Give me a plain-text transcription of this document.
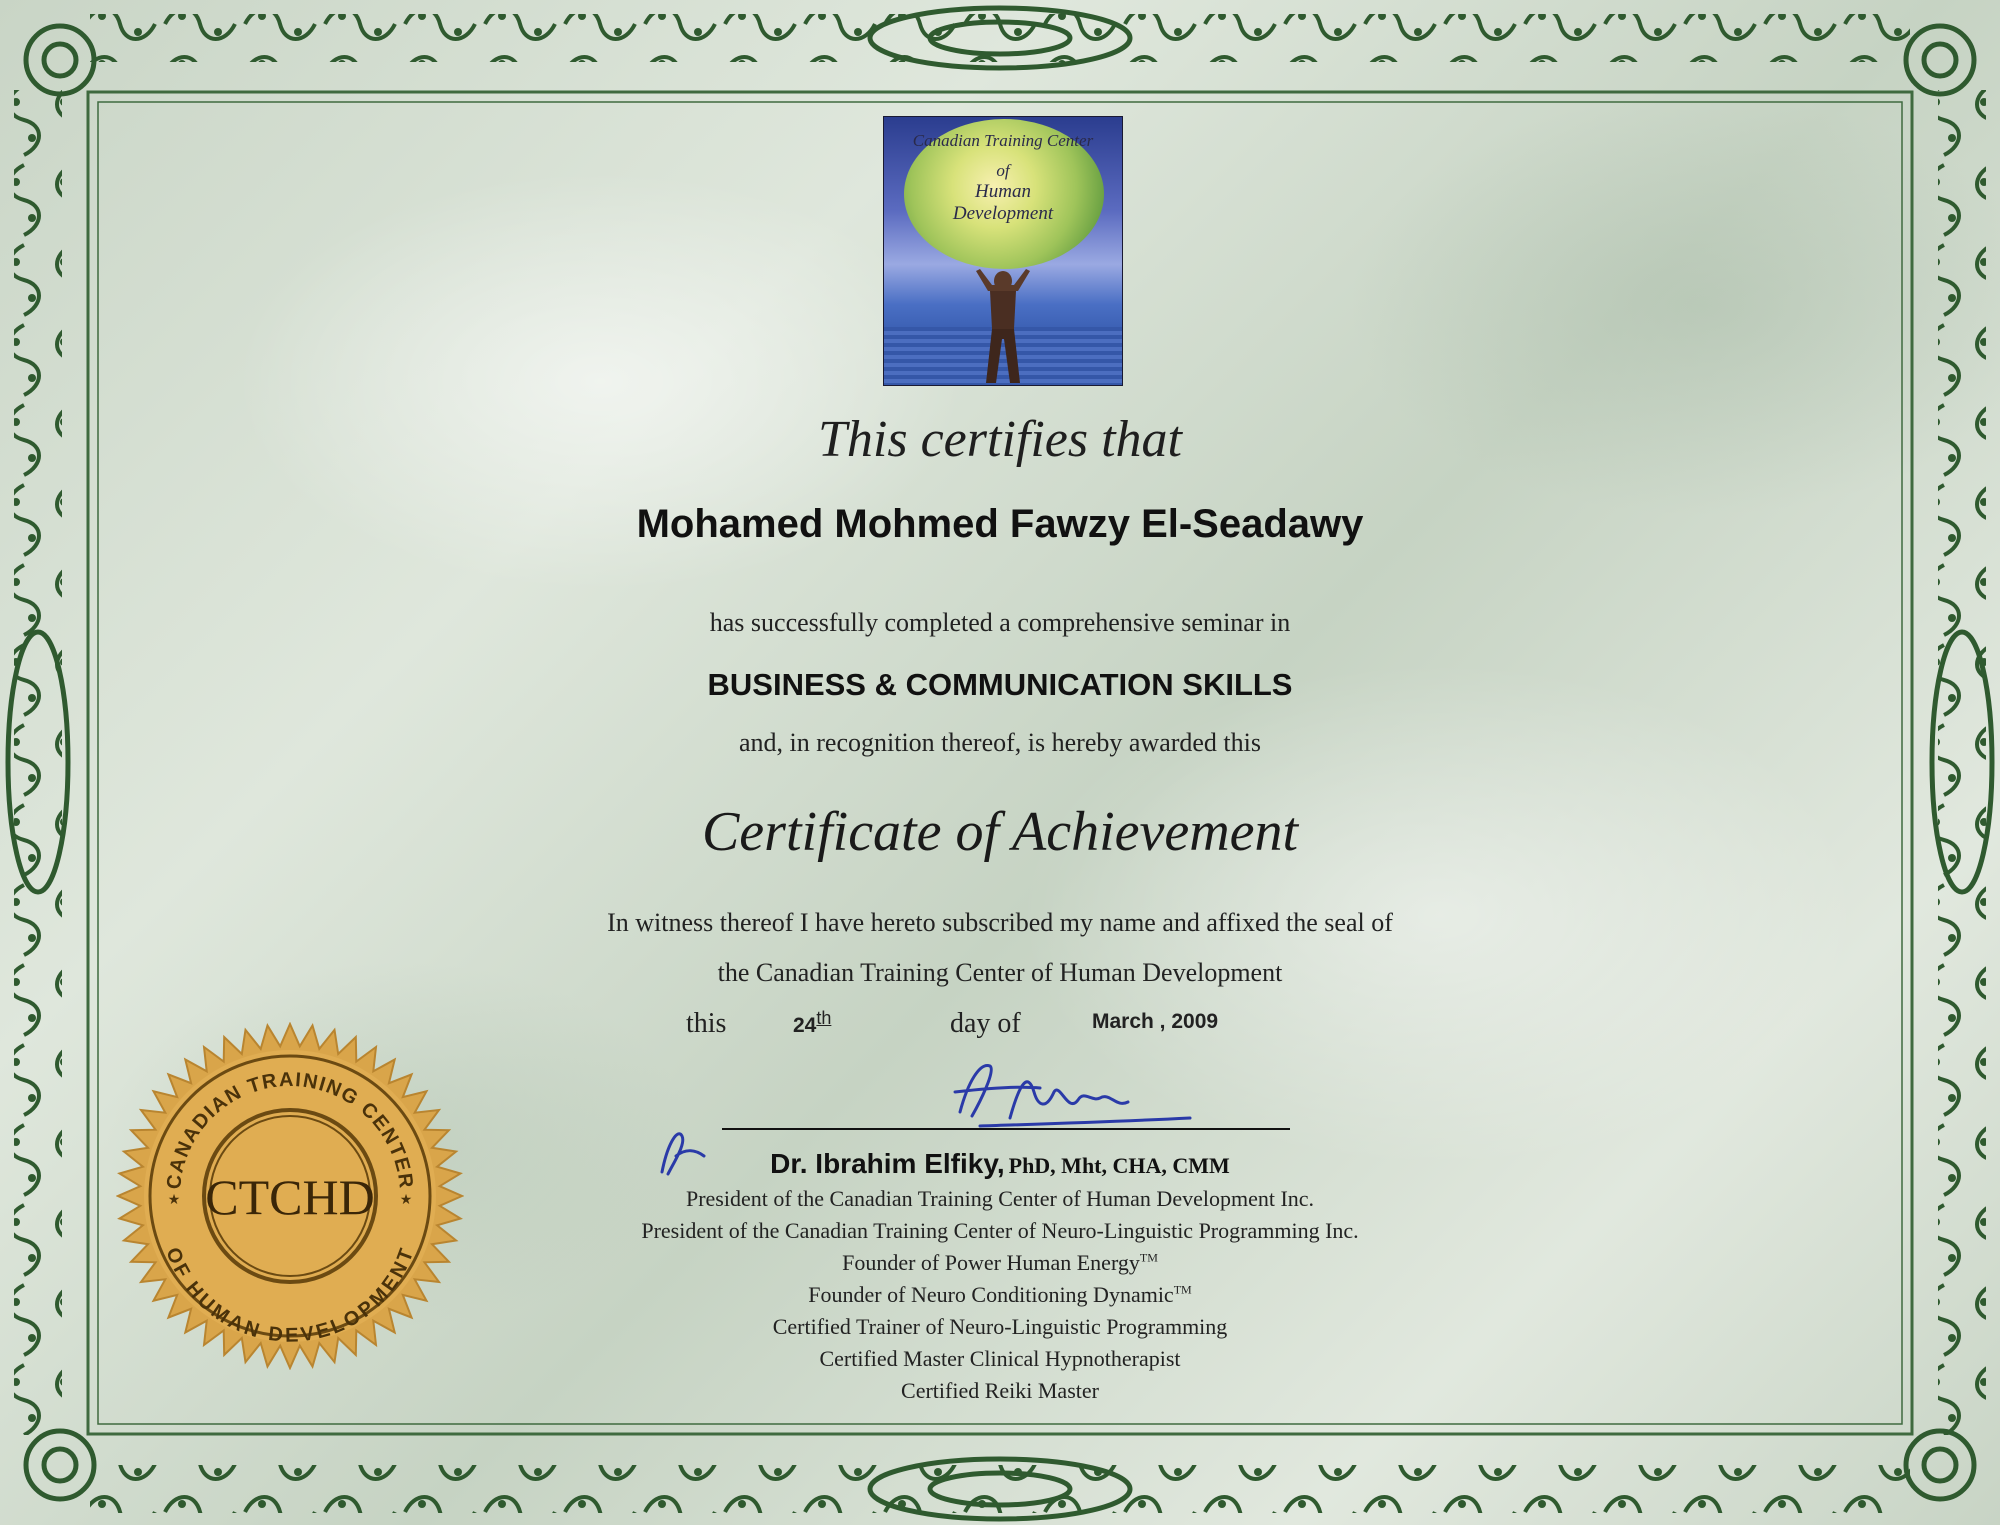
Canadian Training Center
of
Human
Development
This certifies that
Mohamed Mohmed Fawzy El-Seadawy
has successfully completed a comprehensive seminar in
BUSINESS & COMMUNICATION SKILLS
and, in recognition thereof, is hereby awarded this
Certificate of Achievement
In witness thereof I have hereto subscribed my name and affixed the seal of
the Canadian Training Center of Human Development
this	24th	day of	March , 2009
Dr. Ibrahim Elfiky, PhD, Mht, CHA, CMM
President of the Canadian Training Center of Human Development Inc.
President of the Canadian Training Center of Neuro-Linguistic Programming Inc.
Founder of Power Human Energy™
Founder of Neuro Conditioning Dynamic™
Certified Trainer of Neuro-Linguistic Programming
Certified Master Clinical Hypnotherapist
Certified Reiki Master
CANADIAN TRAINING CENTER
OF HUMAN DEVELOPMENT
CTCHD
★	★
